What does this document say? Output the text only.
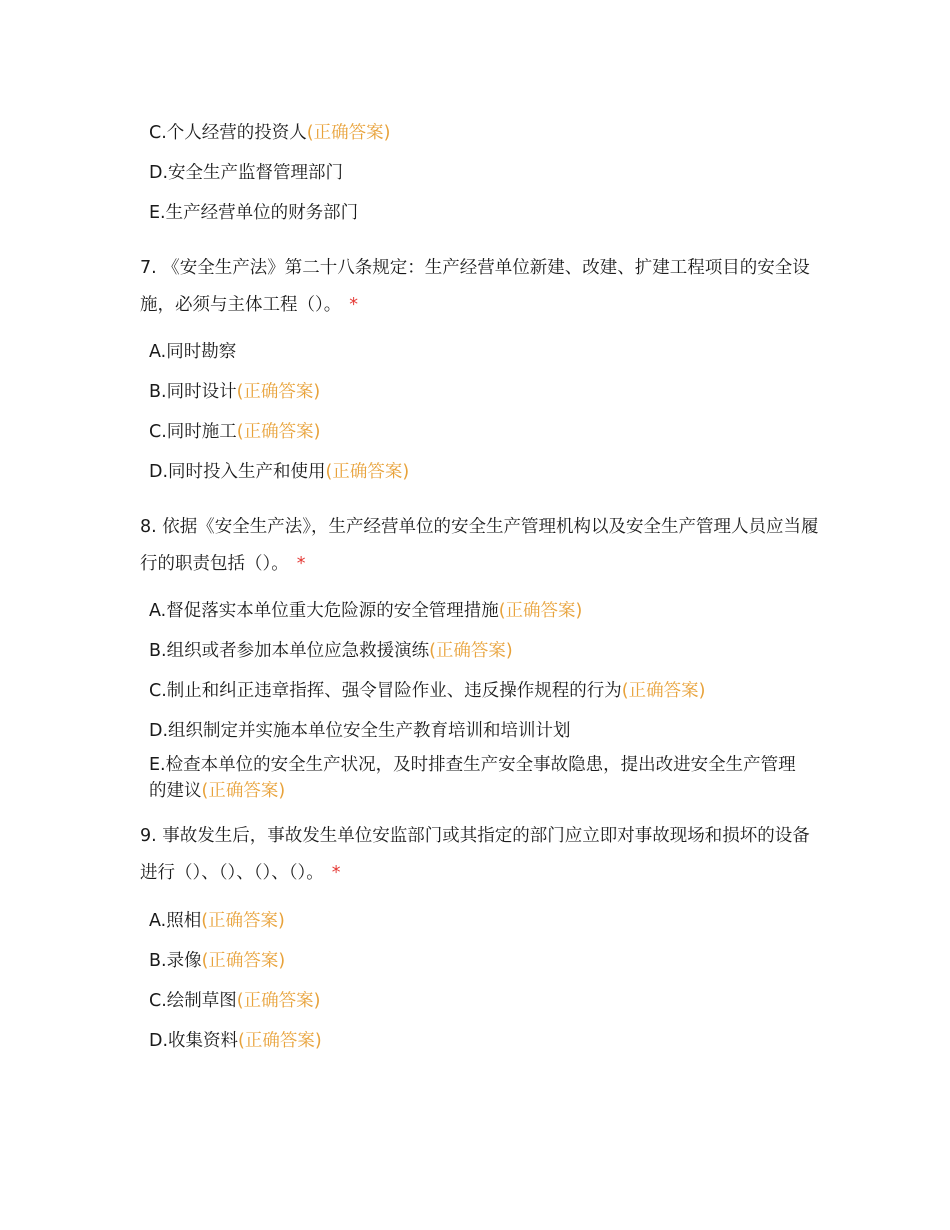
C.个人经营的投资人(正确答案)
D.安全生产监督管理部门
E.生产经营单位的财务部门
7. 《安全生产法》第二十八条规定：生产经营单位新建、改建、扩建工程项目的安全设施，必须与主体工程（）。 *
A.同时勘察
B.同时设计(正确答案)
C.同时施工(正确答案)
D.同时投入生产和使用(正确答案)
8. 依据《安全生产法》，生产经营单位的安全生产管理机构以及安全生产管理人员应当履行的职责包括（）。 *
A.督促落实本单位重大危险源的安全管理措施(正确答案)
B.组织或者参加本单位应急救援演练(正确答案)
C.制止和纠正违章指挥、强令冒险作业、违反操作规程的行为(正确答案)
D.组织制定并实施本单位安全生产教育培训和培训计划
E.检查本单位的安全生产状况，及时排查生产安全事故隐患，提出改进安全生产管理的建议(正确答案)
9. 事故发生后，事故发生单位安监部门或其指定的部门应立即对事故现场和损坏的设备进行（）、（）、（）、（）。 *
A.照相(正确答案)
B.录像(正确答案)
C.绘制草图(正确答案)
D.收集资料(正确答案)
